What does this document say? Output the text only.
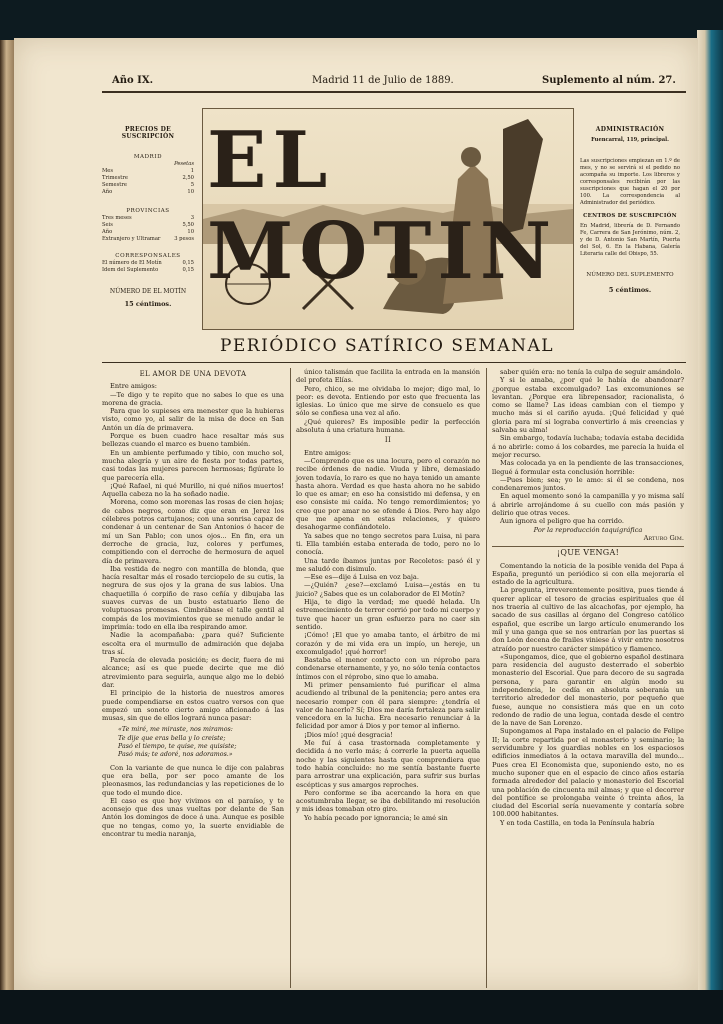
Año IX.	Madrid 11 de Julio de 1889.	Suplemento al núm. 27.
PRECIOS DE SUSCRIPCIÓN
MADRID
Pesetas
Mes	1
Trimestre	2,50
Semestre	5
Año	10
PROVINCIAS
Tres meses	3
Seis	5,50
Año	10
Extranjero y Ultramar	3 pesos
CORRESPONSALES
El número de El Motín	0,15
Idem del Suplemento	0,15
NÚMERO DE EL MOTÍN
15 céntimos.
EL MOTIN
ADMINISTRACIÓN
Fuencarral, 119, principal.
Las suscripciones empiezan en 1.º de mes, y no se servirá si el pedido no acompaña su importe. Los libreros y corresponsales recibirán por las suscripciones que hagan el 20 por 100. La correspondencia al Administrador del periódico.
CENTROS DE SUSCRIPCIÓN
En Madrid, librería de D. Fernando Fe, Carrera de San Jerónimo, núm. 2, y de D. Antonio San Martín, Puerta del Sol, 6. En la Habana, Galería Literaria calle del Obispo, 55.
NÚMERO DEL SUPLEMENTO
5 céntimos.
PERIÓDICO SATÍRICO SEMANAL
EL AMOR DE UNA DEVOTA

Entre amigos:

—Te digo y te repito que no sabes lo que es una morena de gracia.

Para que lo supieses era menester que la hubieras visto, como yo, al salir de la misa de doce en San Antón un día de primavera.

Porque es buen cuadro hace resaltar más sus bellezas cuando el marco es bueno también.

En un ambiente perfumado y tibio, con mucho sol, mucha alegría y un aire de fiesta por todas partes, casi todas las mujeres parecen hermosas; figúrate lo que parecería ella.

¡Qué Rafael, ni qué Murillo, ni qué niños muertos! Aquella cabeza no la ha soñado nadie.

Morena, como son morenas las rosas de cien hojas; de cabos negros, como diz que eran en Jerez los célebres potros cartujanos; con una sonrisa capaz de condenar á un centenar de San Antonios ó hacer de mí un San Pablo; con unos ojos... En fin, era un derroche de gracia, luz, colores y perfumes, compitiendo con el derroche de hermosura de aquel día de primavera.

Iba vestida de negro con mantilla de blonda, que hacía resaltar más el rosado terciopelo de su cutis, la negrura de sus ojos y la grana de sus labios. Una chaquetilla ó corpiño de raso ceñía y dibujaba las suaves curvas de un busto estatuario lleno de voluptuosas promesas. Cimbrábase el talle gentil al compás de los movimientos que se menudo andar le imprimía: todo en ella iba respirando amor.

Nadie la acompañaba: ¿para qué? Suficiente escolta era el murmullo de admiración que dejaba tras sí.

Parecía de elevada posición; es decir, fuera de mi alcance; así es que puede decirte que me dió atrevimiento para seguirla, aunque algo me lo debió dar.

El principio de la historia de nuestros amores puede compendiarse en estos cuatro versos con que empezó un soneto cierto amigo aficionado á las musas, sin que de ellos logrará nunca pasar:

«Te miré, me miraste, nos miramos:

Te dije que eras bella y lo creiste;

Pasó el tiempo, te quise, me quisiste;

Pasó más; te adoré, nos adoramos.»

Con la variante de que nunca le dije con palabras que era bella, por ser poco amante de los pleonasmos, las redundancias y las repeticiones de lo que todo el mundo dice.

El caso es que hoy vivimos en el paraíso, y te aconsejo que des unas vueltas por delante de San Antón los domingos de doce á una. Aunque es posible que no tengas, como yo, la suerte envidiable de encontrar tu media naranja,

único talismán que facilita la entrada en la mansión del profeta Elías.

Pero, chico, se me olvidaba lo mejor; digo mal, lo peor: es devota. Entiendo por esto que frecuenta las iglesias. Lo único que me sirve de consuelo es que sólo se confiesa una vez al año.

¿Qué quieres? Es imposible pedir la perfección absoluta á una criatura humana.

II

Entre amigos:

—Comprendo que es una locura, pero el corazón no recibe órdenes de nadie. Viuda y libre, demasiado joven todavía, lo raro es que no haya tenido un amante hasta ahora. Verdad es que hasta ahora no he sabido lo que es amar; en eso ha consistido mi defensa, y en eso consiste mi caída. No tengo remordimientos; yo creo que por amar no se ofende á Dios. Pero hay algo que me apena en estas relaciones, y quiero desahogarme confiándotelo.

Ya sabes que no tengo secretos para Luisa, ni para ti. Ella también estaba enterada de todo, pero no lo conocía.

Una tarde íbamos juntas por Recoletos: pasó él y me saludó con disimulo.

—Ese es—dije á Luisa en voz baja.

—¿Quién? ¿ese?—exclamó Luisa—¿estás en tu juicio? ¿Sabes que es un colaborador de El Motín?

Hija, te digo la verdad; me quedé helada. Un estremecimiento de terror corrió por todo mi cuerpo y tuve que hacer un gran esfuerzo para no caer sin sentido.

¡Cómo! ¡El que yo amaba tanto, el árbitro de mi corazón y de mi vida era un impío, un hereje, un excomulgado! ¡qué horror!

Bastaba el menor contacto con un réprobo para condenarse eternamente, y yo, no sólo tenía contactos íntimos con el réprobo, sino que lo amaba.

Mi primer pensamiento fué purificar el alma acudiendo al tribunal de la penitencia; pero antes era necesario romper con él para siempre: ¿tendría el valor de hacerlo? Sí; Dios me daría fortaleza para salir vencedora en la lucha. Era necesario renunciar á la felicidad por amor á Dios y por temor al infierno.

¡Dios mío! ¡qué desgracia!

Me fuí á casa trastornada completamente y decidida á no verlo más; á correrle la puerta aquella noche y las siguientes hasta que comprendiera que todo había concluido: no me sentía bastante fuerte para arrostrar una explicación, para sufrir sus burlas escépticas y sus amargos reproches.

Pero conforme se iba acercando la hora en que acostumbraba llegar, se iba debilitando mi resolución y mis ideas tomaban otro giro.

Yo había pecado por ignorancia; le amé sin

saber quién era: no tenía la culpa de seguir amándolo.

Y si le amaba, ¿por qué le había de abandonar? ¿porque estaba excomulgado? Las excomuniones se levantan. ¿Porque era librepensador, racionalista, ó como se llame? Las ideas cambian con el tiempo y mucho más si el cariño ayuda. ¡Qué felicidad y qué gloria para mí si lograba convertirlo á mis creencias y salvaba su alma!

Sin embargo, todavía luchaba; todavía estaba decidida á no abrirle: como á los cobardes, me parecía la huida el mejor recurso.

Mas colocada ya en la pendiente de las transacciones, llegué á formular esta conclusión horrible:

—Pues bien; sea; yo le amo: si él se condena, nos condenaremos juntos.

En aquel momento sonó la campanilla y yo misma salí á abrirle arrojándome á su cuello con más pasión y delirio que otras veces.

Aun ignora el peligro que ha corrido.

Por la reproducción taquigráfica

Arturo Gim.

¡QUE VENGA!

Comentando la noticia de la posible venida del Papa á España, preguntó un periódico si con ella mejoraría el estado de la agricultura.

La pregunta, irreverentemente positiva, pues tiende á querer aplicar el tesoro de gracias espirituales que él nos traería al cultivo de las alcachofas, por ejemplo, ha sacado de sus casillas al órgano del Congreso católico español, que escribe un largo artículo enumerando los mil y una ganga que se nos entrarían por las puertas si don León decena de frailes viniese á vivir entre nosotros atraído por nuestro carácter simpático y flamenco.

«Supongamos, dice, que el gobierno español destinara para residencia del augusto desterrado el soberbio monasterio del Escorial. Que para decoro de su sagrada persona, y para garantir en algún modo su independencia, le cedía en absoluta soberanía un territorio alrededor del monasterio, por pequeño que fuese, aunque no consistiera más que en un coto redondo de radio de una legua, contada desde el centro de la nave de San Lorenzo.

Supongamos al Papa instalado en el palacio de Felipe II; la corte repartida por el monasterio y seminario; la servidumbre y los guardias nobles en los espaciosos edificios inmediatos á la octava maravilla del mundo... Pues crea El Economista que, suponiendo esto, no es mucho suponer que en el espacio de cinco años estaría formada alrededor del palacio y monasterio del Escorial una población de cincuenta mil almas; y que el decorrer del pontífice se prolongaba veinte ó treinta años, la ciudad del Escorial sería nuevamente y contaría sobre 100.000 habitantes.

Y en toda Castilla, en toda la Península habría
